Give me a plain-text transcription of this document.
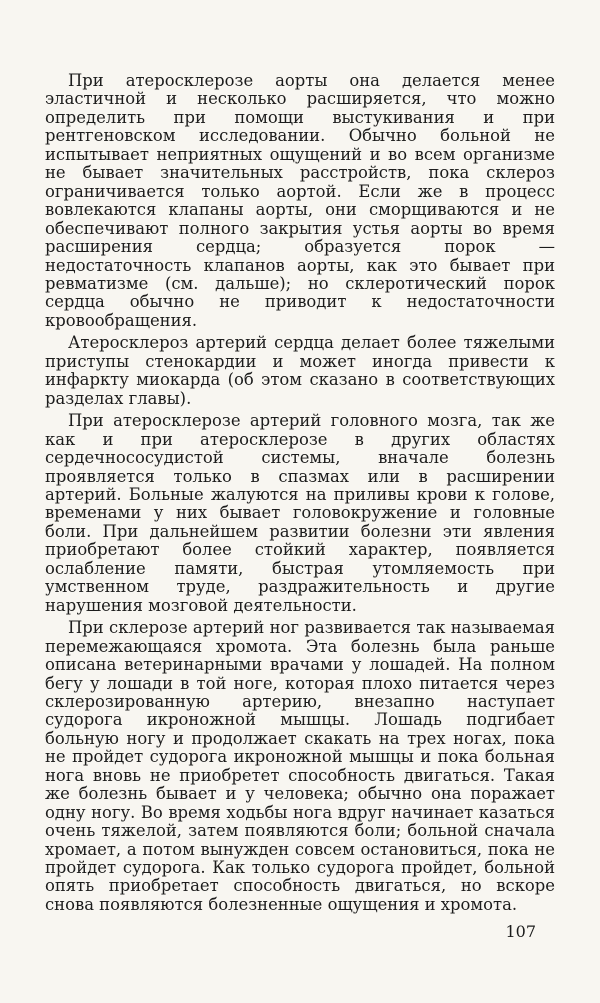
При атеросклерозе аорты она делается менее эластичной и несколько расширяется, что можно определить при помощи выстукивания и при рентгеновском исследовании. Обычно больной не испытывает неприятных ощущений и во всем организме не бывает значительных расстройств, пока склероз ограничивается только аортой. Если же в процесс вовлекаются клапаны аорты, они сморщиваются и не обеспечивают полного закрытия устья аорты во время расширения сердца; образуется порок — недостаточность клапанов аорты, как это бывает при ревматизме (см. дальше); но склеротический порок сердца обычно не приводит к недостаточности кровообращения.

Атеросклероз артерий сердца делает более тяжелыми приступы стенокардии и может иногда привести к инфаркту миокарда (об этом сказано в соответствующих разделах главы).

При атеросклерозе артерий головного мозга, так же как и при атеросклерозе в других областях сердечнососудистой системы, вначале болезнь проявляется только в спазмах или в расширении артерий. Больные жалуются на приливы крови к голове, временами у них бывает головокружение и головные боли. При дальнейшем развитии болезни эти явления приобретают более стойкий характер, появляется ослабление памяти, быстрая утомляемость при умственном труде, раздражительность и другие нарушения мозговой деятельности.

При склерозе артерий ног развивается так называемая перемежающаяся хромота. Эта болезнь была раньше описана ветеринарными врачами у лошадей. На полном бегу у лошади в той ноге, которая плохо питается через склерозированную артерию, внезапно наступает судорога икроножной мышцы. Лошадь подгибает больную ногу и продолжает скакать на трех ногах, пока не пройдет судорога икроножной мышцы и пока больная нога вновь не приобретет способность двигаться. Такая же болезнь бывает и у человека; обычно она поражает одну ногу. Во время ходьбы нога вдруг начинает казаться очень тяжелой, затем появляются боли; больной сначала хромает, а потом вынужден совсем остановиться, пока не пройдет судорога. Как только судорога пройдет, больной опять приобретает способность двигаться, но вскоре снова появляются болезненные ощущения и хромота.

107
